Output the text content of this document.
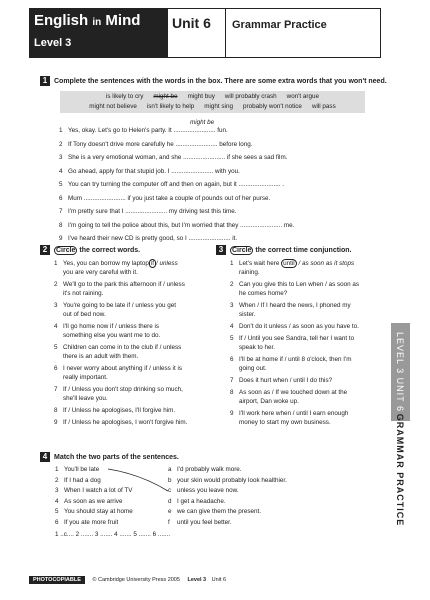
English in Mind
Level 3
Unit 6	Grammar Practice
1 Complete the sentences with the words in the box. There are some extra words that you won't need.
is likely to cry might be might buy will probably crash won't argue
might not believe isn't likely to help might sing probably won't notice will pass
might be
1 Yes, okay. Let's go to Helen's party. It ........................ fun.
2 If Tony doesn't drive more carefully he ........................ before long.
3 She is a very emotional woman, and she ........................ if she sees a sad film.
4 Go ahead, apply for that stupid job. I ........................ with you.
5 You can try turning the computer off and then on again, but it ........................ .
6 Mum ........................ if you just take a couple of pounds out of her purse.
7 I'm pretty sure that I ........................ my driving test this time.
8 I'm going to tell the police about this, but I'm worried that they ........................ me.
9 I've heard their new CD is pretty good, so I ........................ it.
2 Circle the correct words.
1 Yes, you can borrow my laptop if / unless
you are very careful with it.
2 We'll go to the park this afternoon if / unless
it's not raining.
3 You're going to be late if / unless you get
out of bed now.
4 I'll go home now if / unless there is
something else you want me to do.
5 Children can come in to the club if / unless
there is an adult with them.
6 I never worry about anything if / unless it is
really important.
7 If / Unless you don't stop drinking so much,
she'll leave you.
8 If / Unless he apologises, I'll forgive him.
9 If / Unless he apologises, I won't forgive him.
3 Circle the correct time conjunction.
1 Let's wait here until / as soon as it stops
raining.
2 Can you give this to Len when / as soon as
he comes home?
3 When / If I heard the news, I phoned my
sister.
4 Don't do it unless / as soon as you have to.
5 If / Until you see Sandra, tell her I want to
speak to her.
6 I'll be at home if / until 8 o'clock, then I'm
going out.
7 Does it hurt when / until I do this?
8 As soon as / If we touched down at the
airport, Dan woke up.
9 I'll work here when / until I earn enough
money to start my own business.
LEVEL 3 UNIT 6
GRAMMAR PRACTICE
4 Match the two parts of the sentences.
1 You'll be late
2 If I had a dog
3 When I watch a lot of TV
4 As soon as we arrive
5 You should stay at home
6 If you ate more fruit
a I'd probably walk more.
b your skin would probably look healthier.
c unless you leave now.
d I get a headache.
e we can give them the present.
f until you feel better.
1 ..c.... 2 ....... 3 ....... 4 ....... 5 ....... 6 .......
PHOTOCOPIABLE © Cambridge University Press 2005 Level 3 Unit 6
